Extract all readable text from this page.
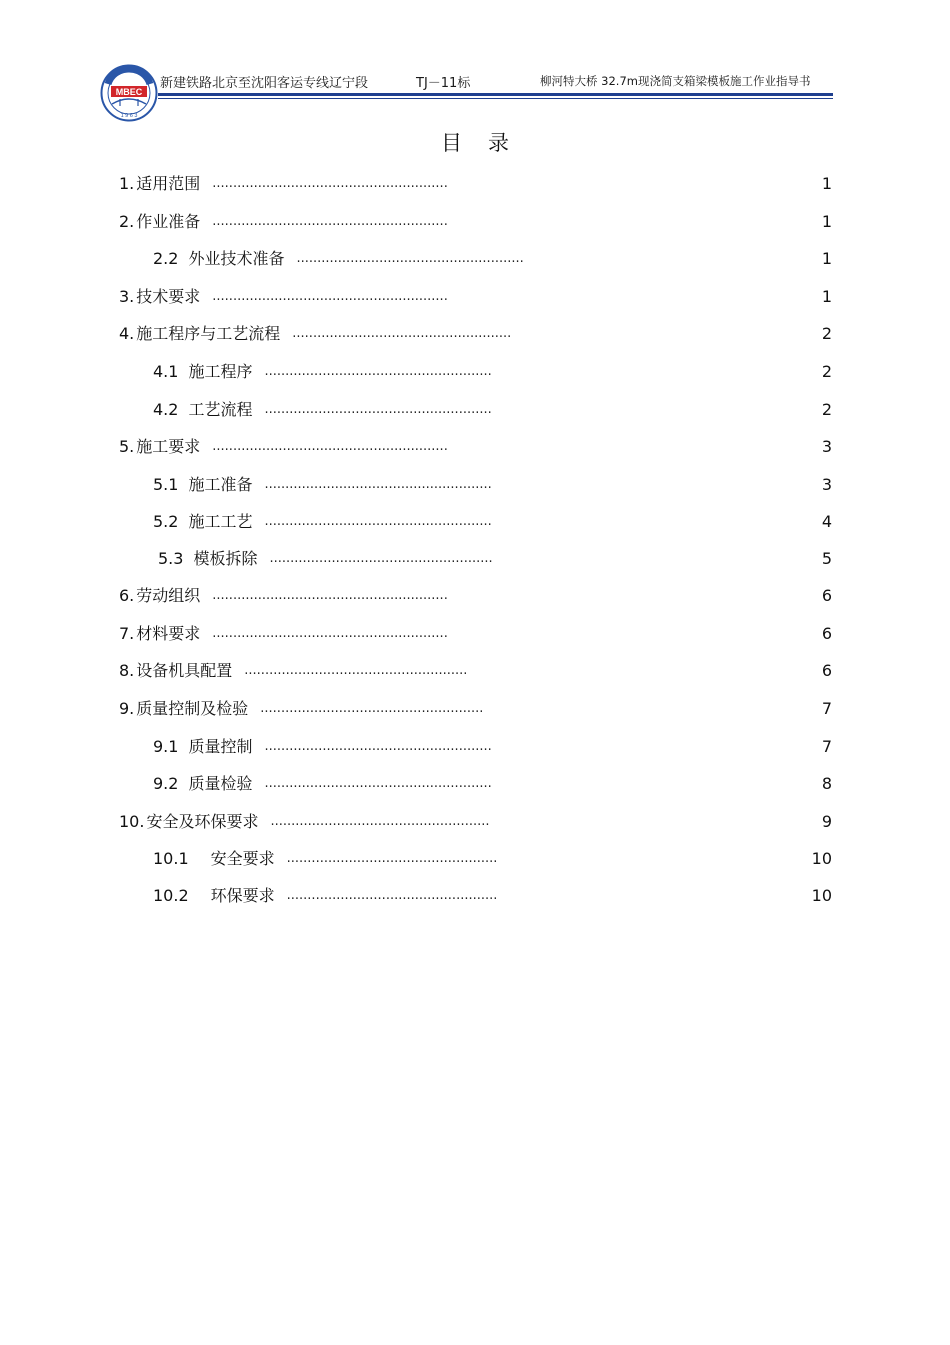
MBEC
1 9 6 3
新建铁路北京至沈阳客运专线辽宁段	TJ－11标	柳河特大桥 32.7m现浇简支箱梁模板施工作业指导书
目录
1. 适用范围 .........................................................	1
2. 作业准备 .........................................................	1
2.2 外业技术准备 .......................................................	1
3. 技术要求 .........................................................	1
4. 施工程序与工艺流程 .....................................................	2
4.1 施工程序 .......................................................	2
4.2 工艺流程 .......................................................	2
5. 施工要求 .........................................................	3
5.1 施工准备 .......................................................	3
5.2 施工工艺 .......................................................	4
5.3 模板拆除 ......................................................	5
6. 劳动组织 .........................................................	6
7. 材料要求 .........................................................	6
8. 设备机具配置 ......................................................	6
9. 质量控制及检验 ......................................................	7
9.1 质量控制 .......................................................	7
9.2 质量检验 .......................................................	8
10. 安全及环保要求 .....................................................	9
10.1 安全要求 ...................................................	10
10.2 环保要求 ...................................................	10
